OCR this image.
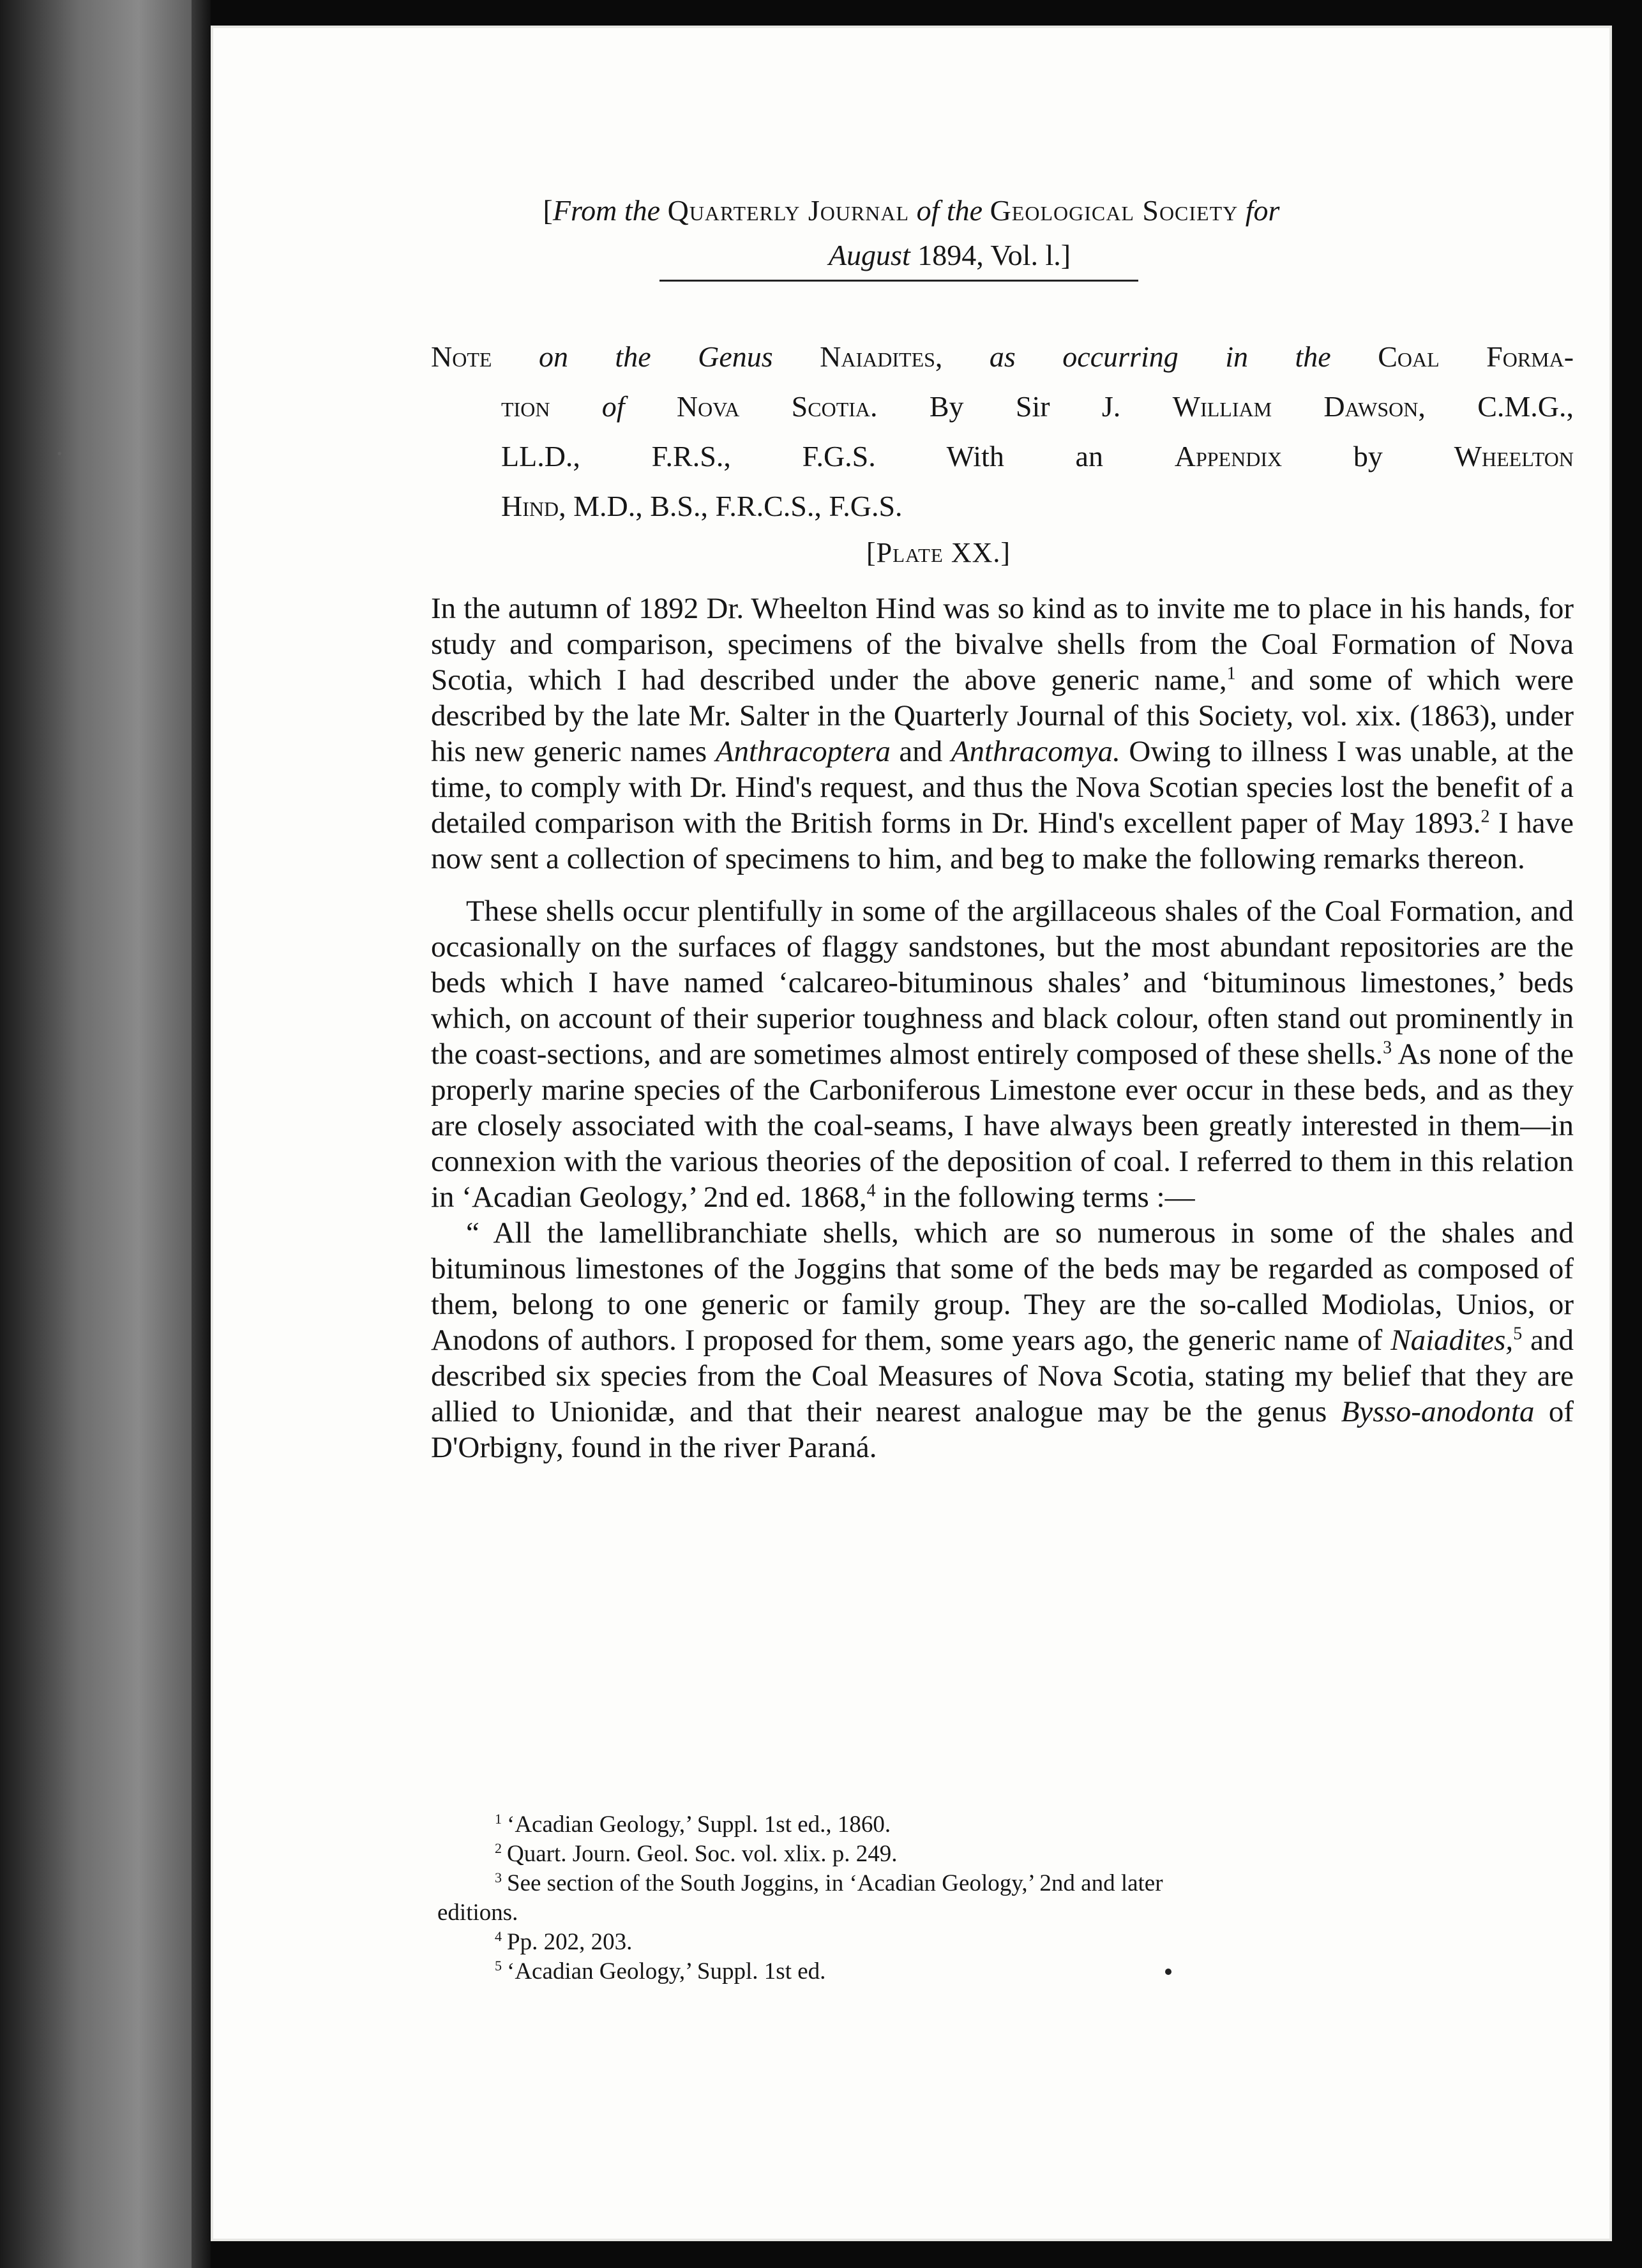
[From the Quarterly Journal of the Geological Society for
August 1894, Vol. l.]
Note on the Genus Naiadites, as occurring in the Coal Forma-
tion of Nova Scotia. By Sir J. William Dawson, C.M.G.,
LL.D., F.R.S., F.G.S. With an Appendix by Wheelton
Hind, M.D., B.S., F.R.C.S., F.G.S.
[Plate XX.]

In the autumn of 1892 Dr. Wheelton Hind was so kind as to invite me to place in his hands, for study and comparison, specimens of the bivalve shells from the Coal Formation of Nova Scotia, which I had described under the above generic name,$^1$ and some of which were described by the late Mr. Salter in the Quarterly Journal of this Society, vol. xix. (1863), under his new generic names Anthracoptera and Anthracomya. Owing to illness I was unable, at the time, to comply with Dr. Hind's request, and thus the Nova Scotian species lost the benefit of a detailed comparison with the British forms in Dr. Hind's excellent paper of May 1893.$^2$ I have now sent a collection of specimens to him, and beg to make the following remarks thereon.

These shells occur plentifully in some of the argillaceous shales of the Coal Formation, and occasionally on the surfaces of flaggy sandstones, but the most abundant repositories are the beds which I have named ‘calcareo-bituminous shales’ and ‘bituminous limestones,’ beds which, on account of their superior toughness and black colour, often stand out prominently in the coast-sections, and are sometimes almost entirely composed of these shells.$^3$ As none of the properly marine species of the Carboniferous Limestone ever occur in these beds, and as they are closely associated with the coal-seams, I have always been greatly interested in them—in connexion with the various theories of the deposition of coal. I referred to them in this relation in ‘Acadian Geology,’ 2nd ed. 1868,$^4$ in the following terms :—

“ All the lamellibranchiate shells, which are so numerous in some of the shales and bituminous limestones of the Joggins that some of the beds may be regarded as composed of them, belong to one generic or family group. They are the so-called Modiolas, Unios, or Anodons of authors. I proposed for them, some years ago, the generic name of Naiadites,$^5$ and described six species from the Coal Measures of Nova Scotia, stating my belief that they are allied to Unionidæ, and that their nearest analogue may be the genus Bysso-anodonta of D'Orbigny, found in the river Paraná.

$^1$ ‘Acadian Geology,’ Suppl. 1st ed., 1860.
$^2$ Quart. Journ. Geol. Soc. vol. xlix. p. 249.
$^3$ See section of the South Joggins, in ‘Acadian Geology,’ 2nd and later
editions.
$^4$ Pp. 202, 203.
$^5$ ‘Acadian Geology,’ Suppl. 1st ed.
